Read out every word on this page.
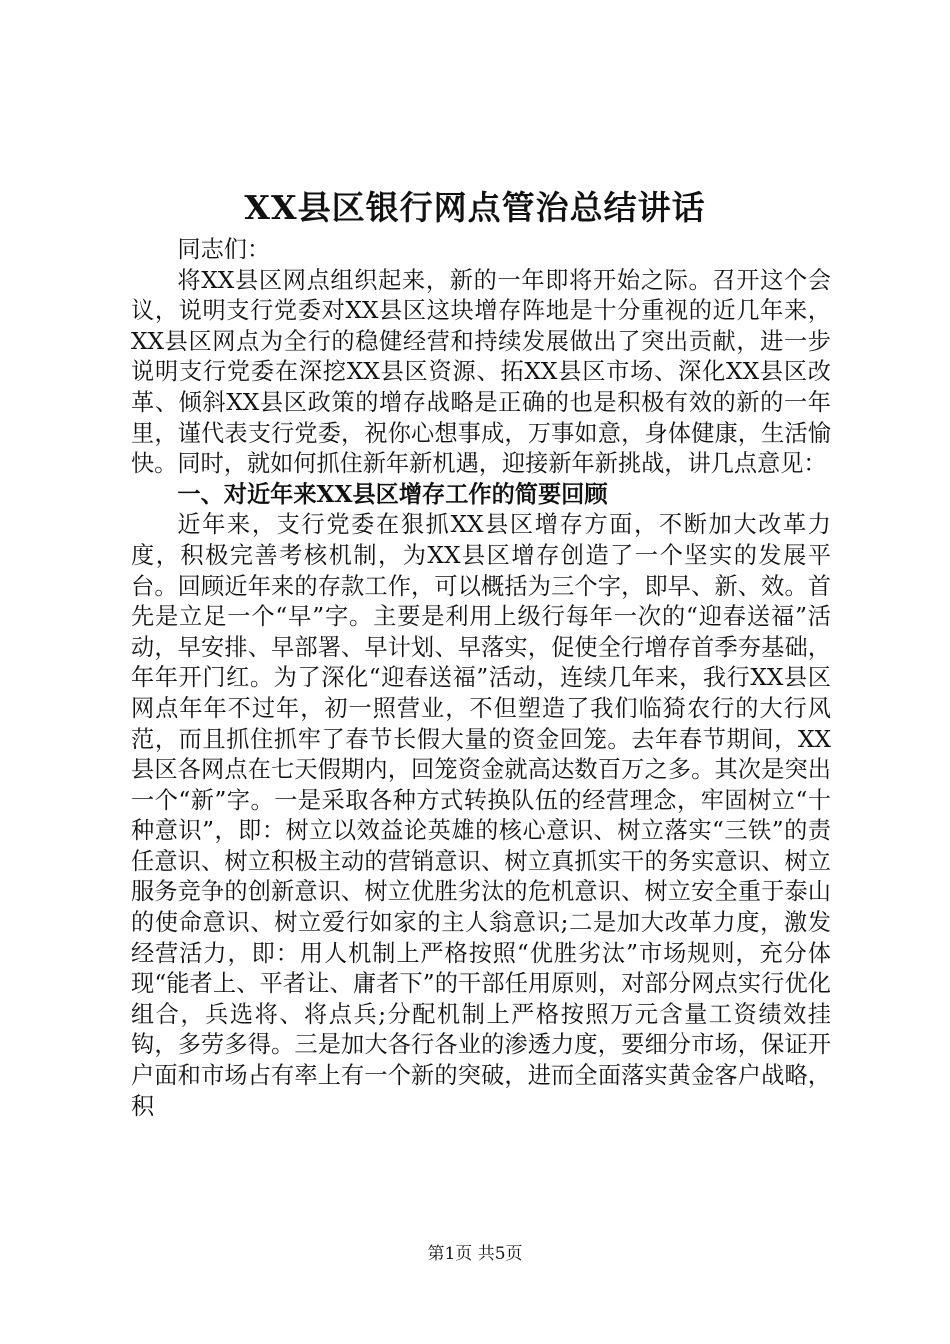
XX县区银行网点管治总结讲话

同志们：

将XX县区网点组织起来，新的一年即将开始之际。召开这个会议，说明支行党委对XX县区这块增存阵地是十分重视的近几年来，XX县区网点为全行的稳健经营和持续发展做出了突出贡献，进一步说明支行党委在深挖XX县区资源、拓XX县区市场、深化XX县区改革、倾斜XX县区政策的增存战略是正确的也是积极有效的新的一年里，谨代表支行党委，祝你心想事成，万事如意，身体健康，生活愉快。同时，就如何抓住新年新机遇，迎接新年新挑战，讲几点意见：

一、对近年来XX县区增存工作的简要回顾

近年来，支行党委在狠抓XX县区增存方面，不断加大改革力度，积极完善考核机制，为XX县区增存创造了一个坚实的发展平台。回顾近年来的存款工作，可以概括为三个字，即早、新、效。首先是立足一个“早”字。主要是利用上级行每年一次的“迎春送福”活动，早安排、早部署、早计划、早落实，促使全行增存首季夯基础，年年开门红。为了深化“迎春送福”活动，连续几年来，我行XX县区网点年年不过年，初一照营业，不但塑造了我们临猗农行的大行风范，而且抓住抓牢了春节长假大量的资金回笼。去年春节期间，XX县区各网点在七天假期内，回笼资金就高达数百万之多。其次是突出一个“新”字。一是采取各种方式转换队伍的经营理念，牢固树立“十种意识”，即：树立以效益论英雄的核心意识、树立落实“三铁”的责任意识、树立积极主动的营销意识、树立真抓实干的务实意识、树立服务竞争的创新意识、树立优胜劣汰的危机意识、树立安全重于泰山的使命意识、树立爱行如家的主人翁意识;二是加大改革力度，激发经营活力，即：用人机制上严格按照“优胜劣汰”市场规则，充分体现“能者上、平者让、庸者下”的干部任用原则，对部分网点实行优化组合，兵选将、将点兵;分配机制上严格按照万元含量工资绩效挂钩，多劳多得。三是加大各行各业的渗透力度，要细分市场，保证开户面和市场占有率上有一个新的突破，进而全面落实黄金客户战略，积

第1页 共5页
